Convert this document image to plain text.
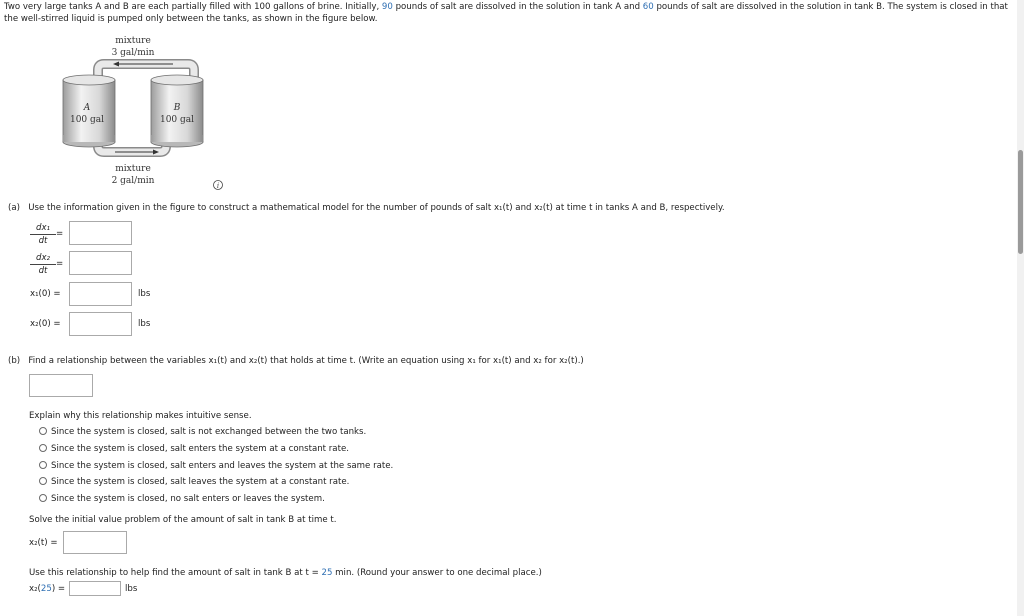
Two very large tanks A and B are each partially filled with 100 gallons of brine. Initially, 90 pounds of salt are dissolved in the solution in tank A and 60 pounds of salt are dissolved in the solution in tank B. The system is closed in that the well-stirred liquid is pumped only between the tanks, as shown in the figure below.
mixture
3 gal/min
A
100 gal
B
100 gal
mixture
2 gal/min	i
(a) Use the information given in the figure to construct a mathematical model for the number of pounds of salt x₁(t) and x₂(t) at time t in tanks A and B, respectively.
$\frac{\text{dx₁}}{dt}$ =
$\frac{\text{dx₂}}{dt}$ =
x₁(0) =	lbs
x₂(0) =	lbs
(b) Find a relationship between the variables x₁(t) and x₂(t) that holds at time t. (Write an equation using x₁ for x₁(t) and x₂ for x₂(t).)
Explain why this relationship makes intuitive sense.
Since the system is closed, salt is not exchanged between the two tanks.
Since the system is closed, salt enters the system at a constant rate.
Since the system is closed, salt enters and leaves the system at the same rate.
Since the system is closed, salt leaves the system at a constant rate.
Since the system is closed, no salt enters or leaves the system.
Solve the initial value problem of the amount of salt in tank B at time t.
x₂(t) =
Use this relationship to help find the amount of salt in tank B at t = 25 min. (Round your answer to one decimal place.)
x₂(25) =	lbs
